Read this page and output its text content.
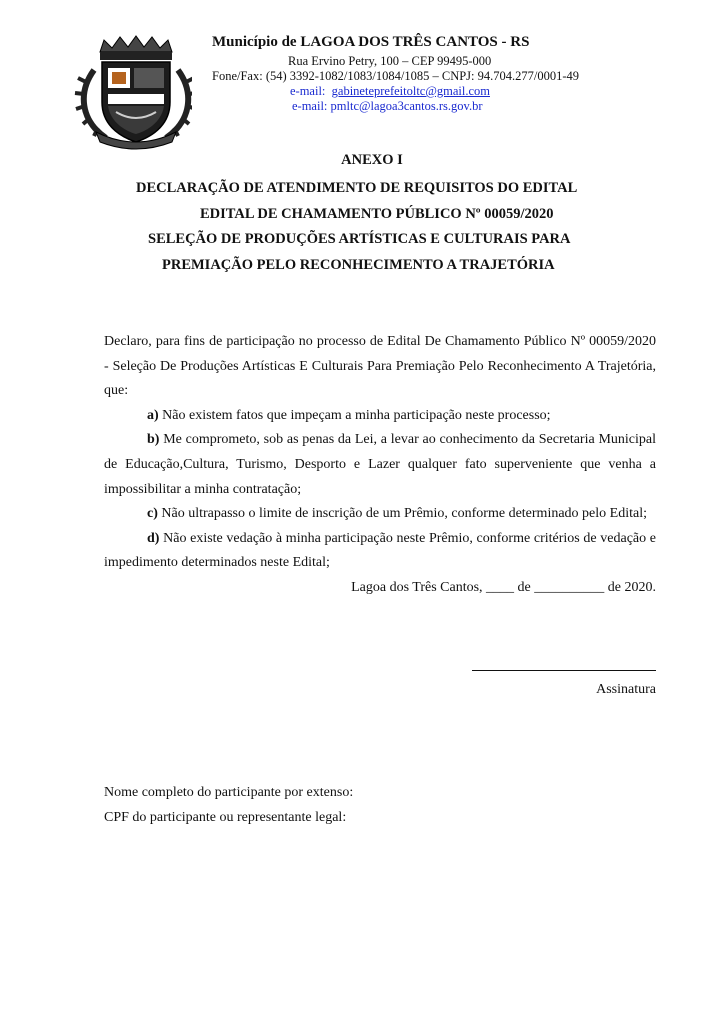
Município de LAGOA DOS TRÊS CANTOS - RS
Rua Ervino Petry, 100 – CEP 99495-000
Fone/Fax: (54) 3392-1082/1083/1084/1085 – CNPJ: 94.704.277/0001-49
e-mail: gabineteprefeitoltc@gmail.com
e-mail: pmltc@lagoa3cantos.rs.gov.br
ANEXO I
DECLARAÇÃO DE ATENDIMENTO DE REQUISITOS DO EDITAL
EDITAL DE CHAMAMENTO PÚBLICO Nº 00059/2020
SELEÇÃO DE PRODUÇÕES ARTÍSTICAS E CULTURAIS PARA
PREMIAÇÃO PELO RECONHECIMENTO A TRAJETÓRIA

Declaro, para fins de participação no processo de Edital De Chamamento Público Nº 00059/2020 - Seleção De Produções Artísticas E Culturais Para Premiação Pelo Reconhecimento A Trajetória, que:

a) Não existem fatos que impeçam a minha participação neste processo;

b) Me comprometo, sob as penas da Lei, a levar ao conhecimento da Secretaria Municipal de Educação,Cultura, Turismo, Desporto e Lazer qualquer fato superveniente que venha a impossibilitar a minha contratação;

c) Não ultrapasso o limite de inscrição de um Prêmio, conforme determinado pelo Edital;

d) Não existe vedação à minha participação neste Prêmio, conforme critérios de vedação e impedimento determinados neste Edital;

Lagoa dos Três Cantos, ____ de __________ de 2020.

Assinatura
Nome completo do participante por extenso:
CPF do participante ou representante legal:
